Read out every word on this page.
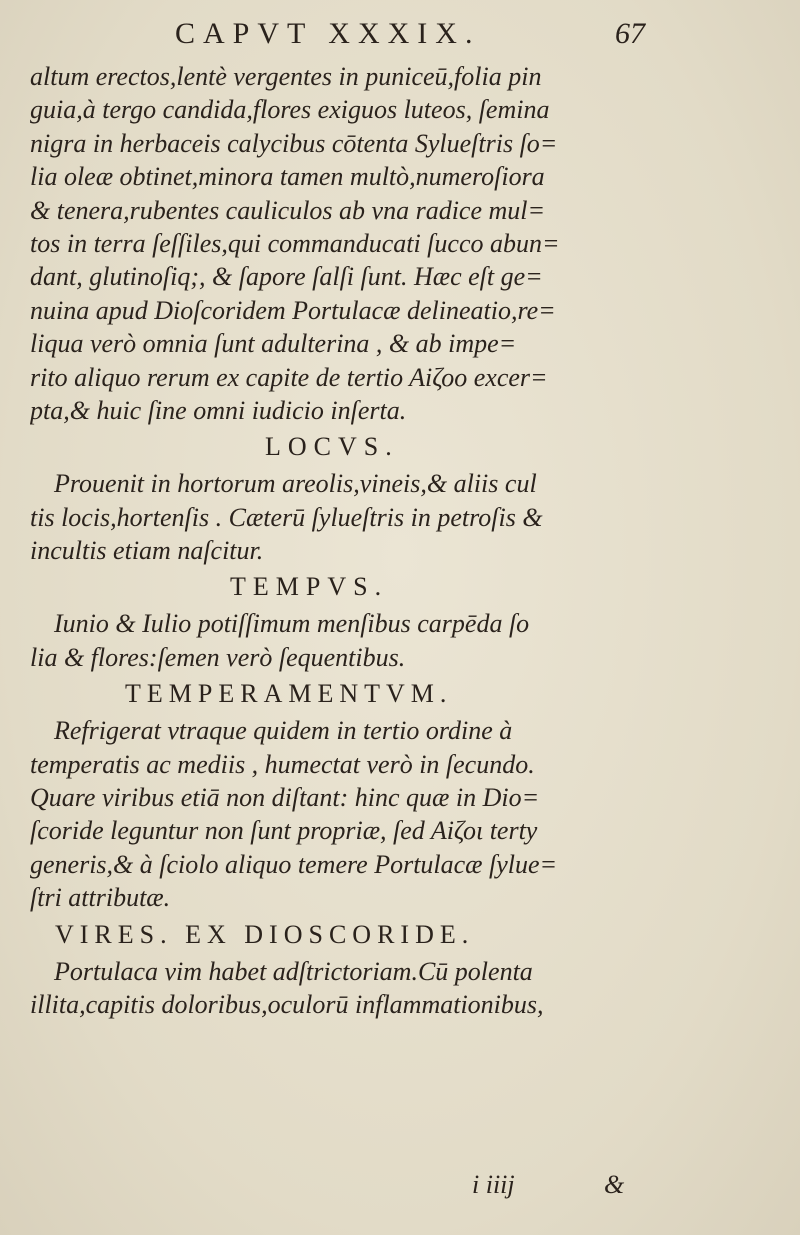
CAPVT XXXIX.	67
altum erectos,lentè vergentes in puniceū,folia pin
guia,à tergo candida,flores exiguos luteos, ſemina
nigra in herbaceis calycibus cōtenta Sylueſtris ſo=
lia oleæ obtinet,minora tamen multò,numeroſiora
& tenera,rubentes cauliculos ab vna radice mul=
tos in terra ſeſſiles,qui commanducati ſucco abun=
dant, glutinoſiq;, & ſapore ſalſi ſunt. Hæc eſt ge=
nuina apud Dioſcoridem Portulacæ delineatio,re=
liqua verò omnia ſunt adulterina , & ab impe=
rito aliquo rerum ex capite de tertio Aiζοο excer=
pta,& huic ſine omni iudicio inſerta.
LOCVS.
Prouenit in hortorum areolis,vineis,& aliis cul
tis locis,hortenſis . Cæterū ſylueſtris in petroſis &
incultis etiam naſcitur.
TEMPVS.
Iunio & Iulio potiſſimum menſibus carpēda ſo
lia & flores:ſemen verò ſequentibus.
TEMPERAMENTVM.
Refrigerat vtraque quidem in tertio ordine à
temperatis ac mediis , humectat verò in ſecundo.
Quare viribus etiā non diſtant: hinc quæ in Dio=
ſcoride leguntur non ſunt propriæ, ſed Aiζοι terty
generis,& à ſciolo aliquo temere Portulacæ ſylue=
ſtri attributæ.
VIRES. EX DIOSCORIDE.
Portulaca vim habet adſtrictoriam.Cū polenta
illita,capitis doloribus,oculorū inflammationibus,
i iiij	&
